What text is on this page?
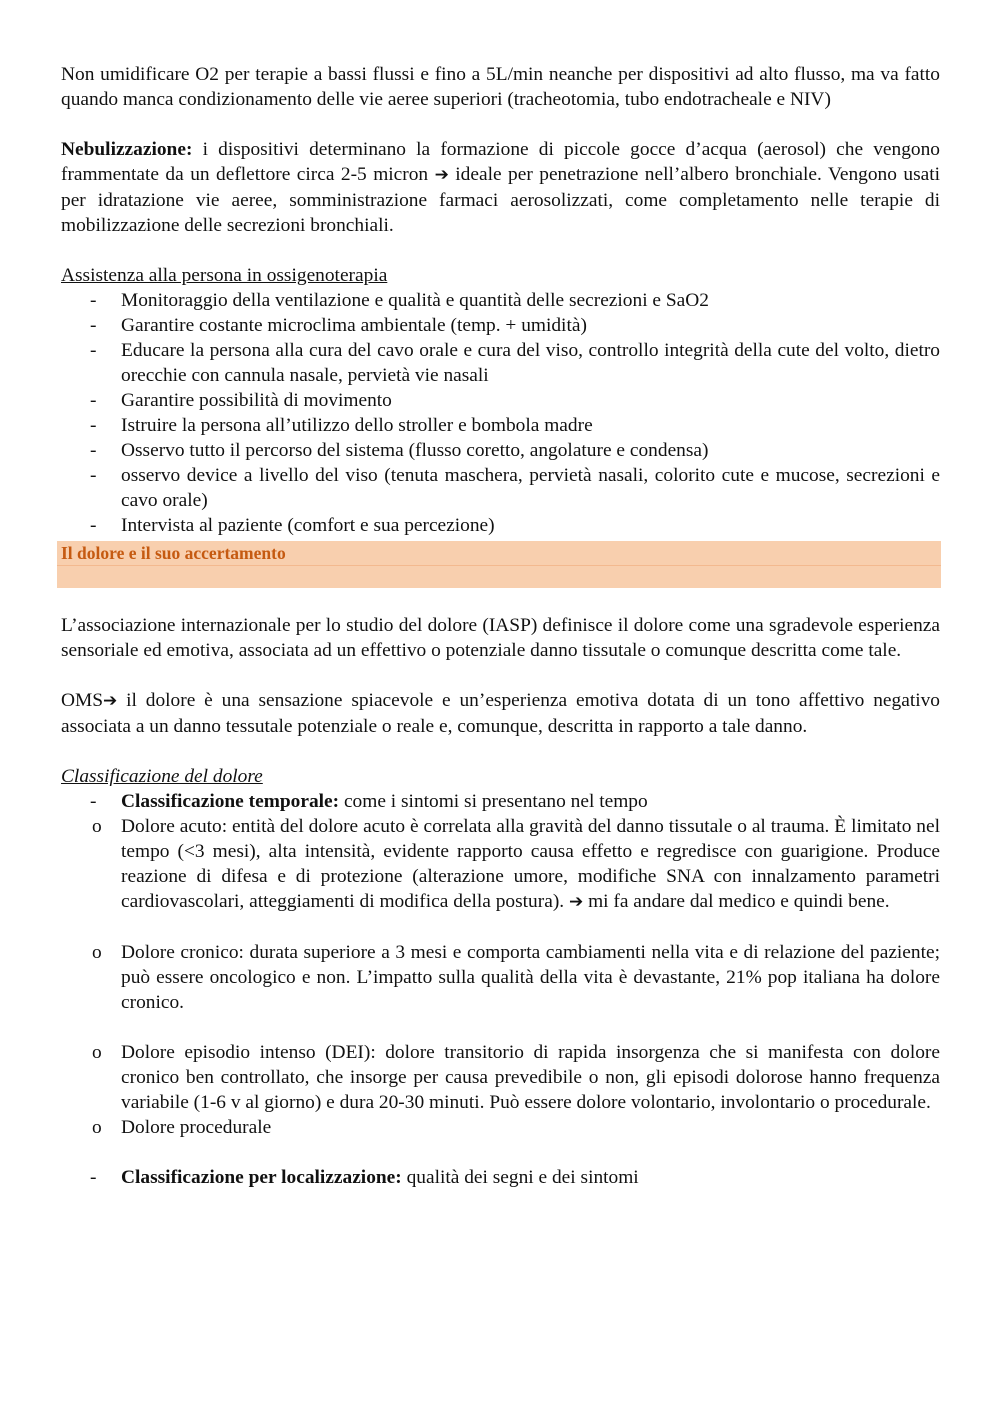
Non umidificare O2 per terapie a bassi flussi e fino a 5L/min neanche per dispositivi ad alto flusso, ma va fatto quando manca condizionamento delle vie aeree superiori (tracheotomia, tubo endotracheale e NIV)

Nebulizzazione: i dispositivi determinano la formazione di piccole gocce d’acqua (aerosol) che vengono frammentate da un deflettore circa 2-5 micron ➔ ideale per penetrazione nell’albero bronchiale. Vengono usati per idratazione vie aeree, somministrazione farmaci aerosolizzati, come completamento nelle terapie di mobilizzazione delle secrezioni bronchiali.

Assistenza alla persona in ossigenoterapia

- Monitoraggio della ventilazione e qualità e quantità delle secrezioni e SaO2
- Garantire costante microclima ambientale (temp. + umidità)
- Educare la persona alla cura del cavo orale e cura del viso, controllo integrità della cute del volto, dietro orecchie con cannula nasale, pervietà vie nasali
- Garantire possibilità di movimento
- Istruire la persona all’utilizzo dello stroller e bombola madre
- Osservo tutto il percorso del sistema (flusso coretto, angolature e condensa)
- osservo device a livello del viso (tenuta maschera, pervietà nasali, colorito cute e mucose, secrezioni e cavo orale)
- Intervista al paziente (comfort e sua percezione)
Il dolore e il suo accertamento

L’associazione internazionale per lo studio del dolore (IASP) definisce il dolore come una sgradevole esperienza sensoriale ed emotiva, associata ad un effettivo o potenziale danno tissutale o comunque descritta come tale.

OMS➔ il dolore è una sensazione spiacevole e un’esperienza emotiva dotata di un tono affettivo negativo associata a un danno tessutale potenziale o reale e, comunque, descritta in rapporto a tale danno.

Classificazione del dolore

- Classificazione temporale: come i sintomi si presentano nel tempo
o Dolore acuto: entità del dolore acuto è correlata alla gravità del danno tissutale o al trauma. È limitato nel tempo (<3 mesi), alta intensità, evidente rapporto causa effetto e regredisce con guarigione. Produce reazione di difesa e di protezione (alterazione umore, modifiche SNA con innalzamento parametri cardiovascolari, atteggiamenti di modifica della postura). ➔ mi fa andare dal medico e quindi bene.
o Dolore cronico: durata superiore a 3 mesi e comporta cambiamenti nella vita e di relazione del paziente; può essere oncologico e non. L’impatto sulla qualità della vita è devastante, 21% pop italiana ha dolore cronico.
o Dolore episodio intenso (DEI): dolore transitorio di rapida insorgenza che si manifesta con dolore cronico ben controllato, che insorge per causa prevedibile o non, gli episodi dolorose hanno frequenza variabile (1-6 v al giorno) e dura 20-30 minuti. Può essere dolore volontario, involontario o procedurale.
o Dolore procedurale
- Classificazione per localizzazione: qualità dei segni e dei sintomi
